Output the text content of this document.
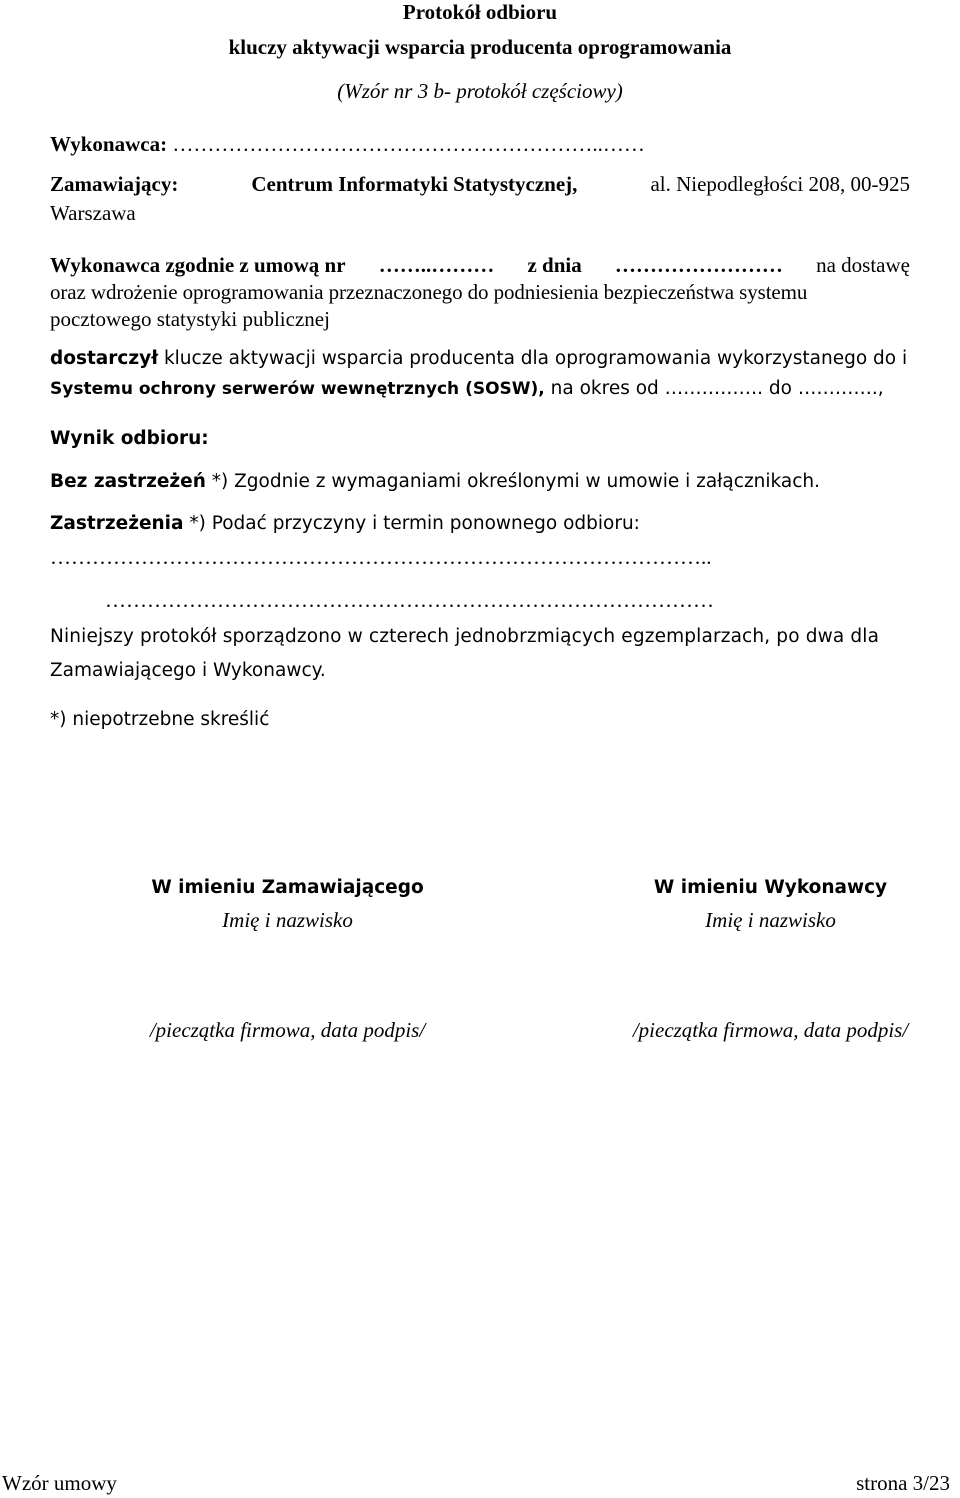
Protokół odbioru
kluczy aktywacji wsparcia producenta oprogramowania
(Wzór nr 3 b- protokół częściowy)
Wykonawca: ……………………………………………………..……
Zamawiający:	Centrum Informatyki Statystycznej,	al. Niepodległości 208, 00-925
Warszawa
Wykonawca zgodnie z umową nr ……..……… z dnia …………………… na dostawę
oraz wdrożenie oprogramowania przeznaczonego do podniesienia bezpieczeństwa systemu
pocztowego statystyki publicznej
dostarczył klucze aktywacji wsparcia producenta dla oprogramowania wykorzystanego do i
Systemu ochrony serwerów wewnętrznych (SOSW), na okres od ……………. do ………….,
Wynik odbioru:
Bez zastrzeżeń *) Zgodnie z wymaganiami określonymi w umowie i załącznikach.
Zastrzeżenia *) Podać przyczyny i termin ponownego odbioru:
…………………………………………………………………………………..
……………………………………………………………………………
Niniejszy protokół sporządzono w czterech jednobrzmiących egzemplarzach, po dwa dla
Zamawiającego i Wykonawcy.
*) niepotrzebne skreślić
W imieniu Zamawiającego
Imię i nazwisko
/pieczątka firmowa, data podpis/
W imieniu Wykonawcy
Imię i nazwisko
/pieczątka firmowa, data podpis/
Wzór umowy	strona 3/23
